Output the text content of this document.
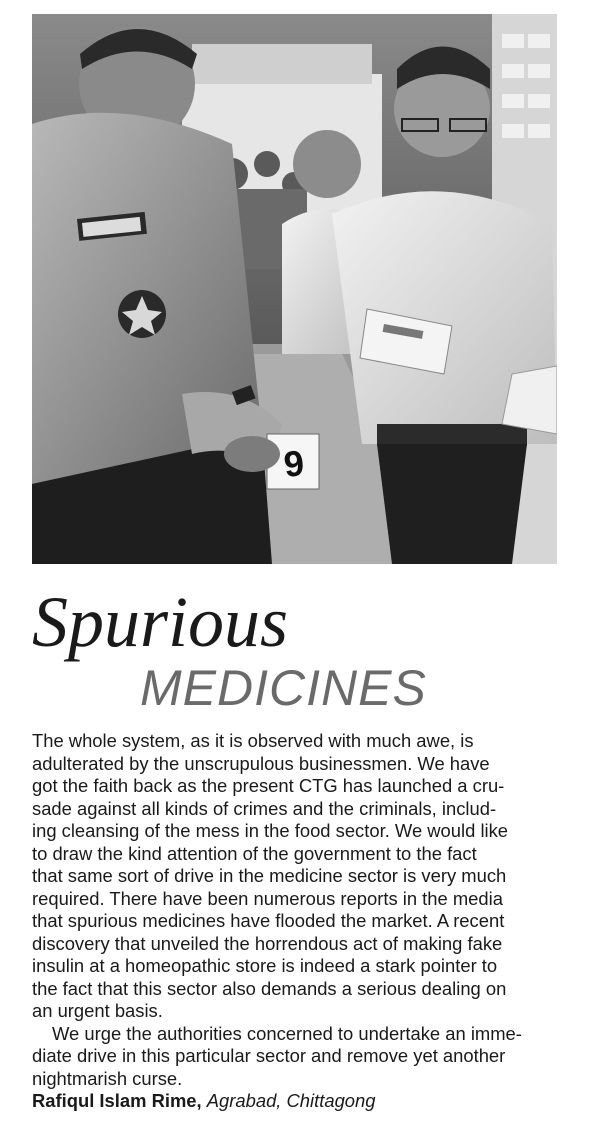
9
Spurious
MEDICINES
The whole system, as it is observed with much awe, is
adulterated by the unscrupulous businessmen. We have
got the faith back as the present CTG has launched a cru-
sade against all kinds of crimes and the criminals, includ-
ing cleansing of the mess in the food sector. We would like
to draw the kind attention of the government to the fact
that same sort of drive in the medicine sector is very much
required. There have been numerous reports in the media
that spurious medicines have flooded the market. A recent
discovery that unveiled the horrendous act of making fake
insulin at a homeopathic store is indeed a stark pointer to
the fact that this sector also demands a serious dealing on
an urgent basis.
We urge the authorities concerned to undertake an imme-
diate drive in this particular sector and remove yet another
nightmarish curse.
Rafiqul Islam Rime, Agrabad, Chittagong
